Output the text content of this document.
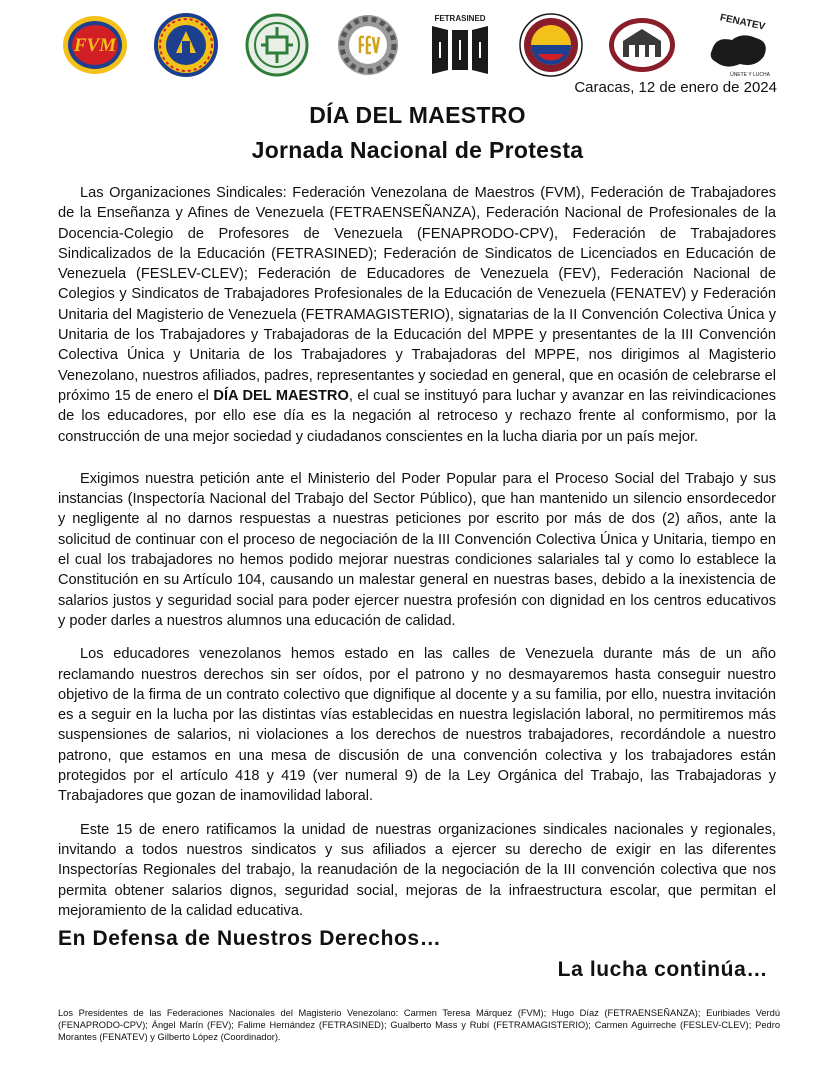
FVM
FETRASINED	FENATEV
ÚNETE Y LUCHA
Caracas, 12 de enero de 2024
DÍA DEL MAESTRO
Jornada Nacional de Protesta

Las Organizaciones Sindicales: Federación Venezolana de Maestros (FVM), Federación de Trabajadores de la Enseñanza y Afines de Venezuela (FETRAENSEÑANZA), Federación Nacional de Profesionales de la Docencia-Colegio de Profesores de Venezuela (FENAPRODO-CPV), Federación de Trabajadores Sindicalizados de la Educación (FETRASINED); Federación de Sindicatos de Licenciados en Educación de Venezuela (FESLEV-CLEV); Federación de Educadores de Venezuela (FEV), Federación Nacional de Colegios y Sindicatos de Trabajadores Profesionales de la Educación de Venezuela (FENATEV) y Federación Unitaria del Magisterio de Venezuela (FETRAMAGISTERIO), signatarias de la II Convención Colectiva Única y Unitaria de los Trabajadores y Trabajadoras de la Educación del MPPE y presentantes de la III Convención Colectiva Única y Unitaria de los Trabajadores y Trabajadoras del MPPE, nos dirigimos al Magisterio Venezolano, nuestros afiliados, padres, representantes y sociedad en general, que en ocasión de celebrarse el próximo 15 de enero el DÍA DEL MAESTRO, el cual se instituyó para luchar y avanzar en las reivindicaciones de los educadores, por ello ese día es la negación al retroceso y rechazo frente al conformismo, por la construcción de una mejor sociedad y ciudadanos conscientes en la lucha diaria por un país mejor.

Exigimos nuestra petición ante el Ministerio del Poder Popular para el Proceso Social del Trabajo y sus instancias (Inspectoría Nacional del Trabajo del Sector Público), que han mantenido un silencio ensordecedor y negligente al no darnos respuestas a nuestras peticiones por escrito por más de dos (2) años, ante la solicitud de continuar con el proceso de negociación de la III Convención Colectiva Única y Unitaria, tiempo en el cual los trabajadores no hemos podido mejorar nuestras condiciones salariales tal y como lo establece la Constitución en su Artículo 104, causando un malestar general en nuestras bases, debido a la inexistencia de salarios justos y seguridad social para poder ejercer nuestra profesión con dignidad en los centros educativos y poder darles a nuestros alumnos una educación de calidad.

Los educadores venezolanos hemos estado en las calles de Venezuela durante más de un año reclamando nuestros derechos sin ser oídos, por el patrono y no desmayaremos hasta conseguir nuestro objetivo de la firma de un contrato colectivo que dignifique al docente y a su familia, por ello, nuestra invitación es a seguir en la lucha por las distintas vías establecidas en nuestra legislación laboral, no permitiremos más suspensiones de salarios, ni violaciones a los derechos de nuestros trabajadores, recordándole a nuestro patrono, que estamos en una mesa de discusión de una convención colectiva y los trabajadores están protegidos por el artículo 418 y 419 (ver numeral 9) de la Ley Orgánica del Trabajo, las Trabajadoras y Trabajadores que gozan de inamovilidad laboral.

Este 15 de enero ratificamos la unidad de nuestras organizaciones sindicales nacionales y regionales, invitando a todos nuestros sindicatos y sus afiliados a ejercer su derecho de exigir en las diferentes Inspectorías Regionales del trabajo, la reanudación de la negociación de la III convención colectiva que nos permita obtener salarios dignos, seguridad social, mejoras de la infraestructura escolar, que permitan el mejoramiento de la calidad educativa.

En Defensa de Nuestros Derechos…
La lucha continúa…
Los Presidentes de las Federaciones Nacionales del Magisterio Venezolano: Carmen Teresa Márquez (FVM); Hugo Díaz (FETRAENSEÑANZA); Euribiades Verdú (FENAPRODO-CPV); Ángel Marín (FEV); Falime Hernández (FETRASINED); Gualberto Mass y Rubí (FETRAMAGISTERIO); Carmen Aguirreche (FESLEV-CLEV); Pedro Morantes (FENATEV) y Gilberto López (Coordinador).
